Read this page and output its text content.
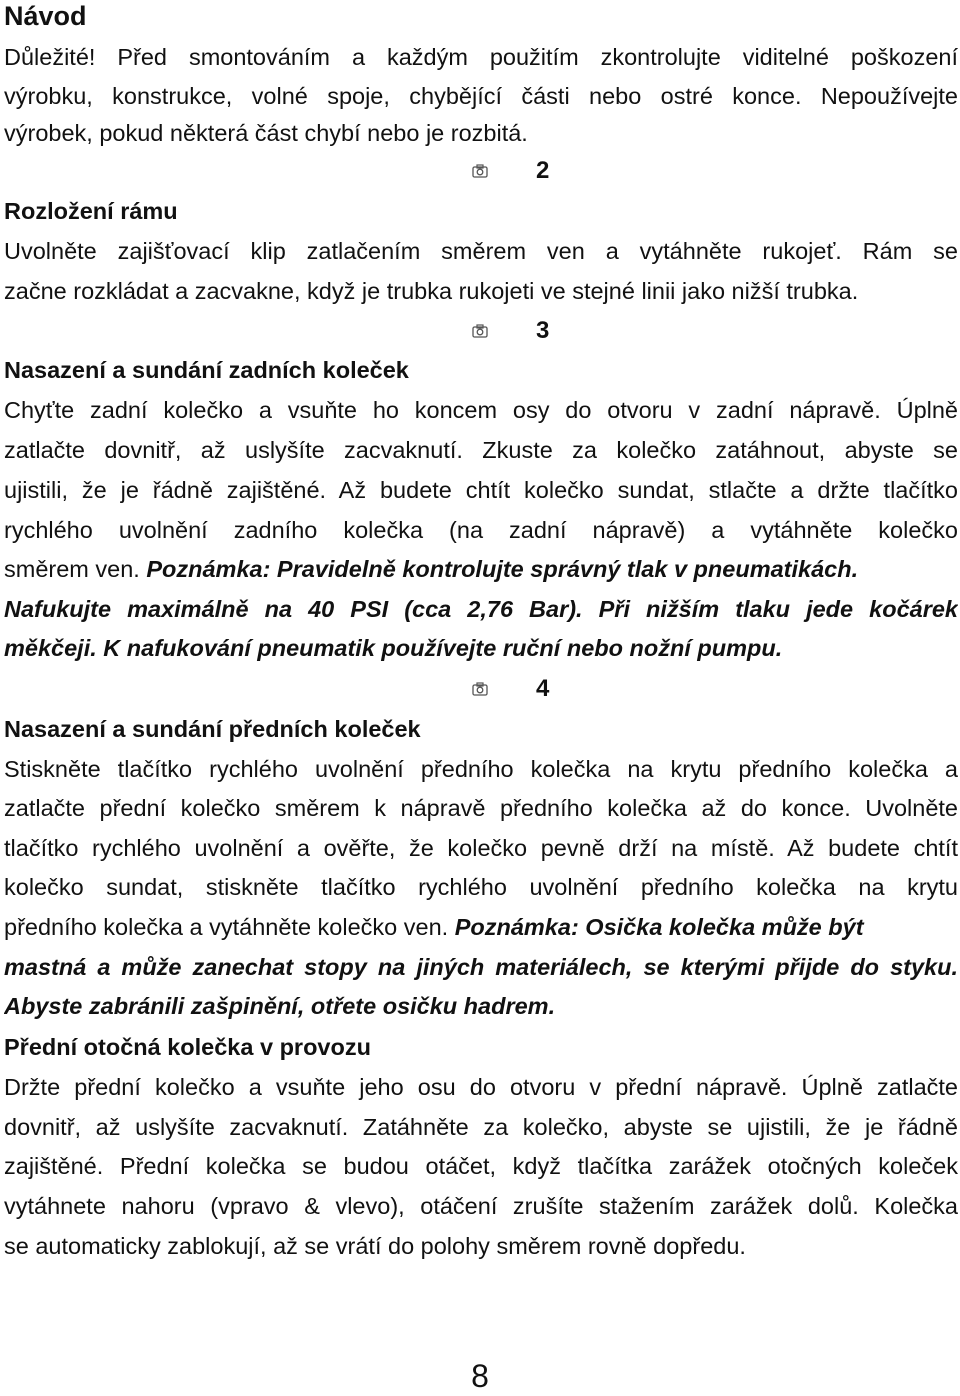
Návod
Důležité! Před smontováním a každým použitím zkontrolujte viditelné poškození
výrobku, konstrukce, volné spoje, chybějící části nebo ostré konce. Nepoužívejte
výrobek, pokud některá část chybí nebo je rozbitá.
2
Rozložení rámu
Uvolněte zajišťovací klip zatlačením směrem ven a vytáhněte rukojeť. Rám se
začne rozkládat a zacvakne, když je trubka rukojeti ve stejné linii jako nižší trubka.
3
Nasazení a sundání zadních koleček
Chyťte zadní kolečko a vsuňte ho koncem osy do otvoru v zadní nápravě. Úplně
zatlačte dovnitř, až uslyšíte zacvaknutí. Zkuste za kolečko zatáhnout, abyste se
ujistili, že je řádně zajištěné. Až budete chtít kolečko sundat, stlačte a držte tlačítko
rychlého uvolnění zadního kolečka (na zadní nápravě) a vytáhněte kolečko
směrem ven. Poznámka: Pravidelně kontrolujte správný tlak v pneumatikách.
Nafukujte maximálně na 40 PSI (cca 2,76 Bar). Při nižším tlaku jede kočárek
měkčeji. K nafukování pneumatik používejte ruční nebo nožní pumpu.
4
Nasazení a sundání předních koleček
Stiskněte tlačítko rychlého uvolnění předního kolečka na krytu předního kolečka a
zatlačte přední kolečko směrem k nápravě předního kolečka až do konce. Uvolněte
tlačítko rychlého uvolnění a ověřte, že kolečko pevně drží na místě. Až budete chtít
kolečko sundat, stiskněte tlačítko rychlého uvolnění předního kolečka na krytu
předního kolečka a vytáhněte kolečko ven. Poznámka: Osička kolečka může být
mastná a může zanechat stopy na jiných materiálech, se kterými přijde do styku.
Abyste zabránili zašpinění, otřete osičku hadrem.
Přední otočná kolečka v provozu
Držte přední kolečko a vsuňte jeho osu do otvoru v přední nápravě. Úplně zatlačte
dovnitř, až uslyšíte zacvaknutí. Zatáhněte za kolečko, abyste se ujistili, že je řádně
zajištěné. Přední kolečka se budou otáčet, když tlačítka zarážek otočných koleček
vytáhnete nahoru (vpravo & vlevo), otáčení zrušíte stažením zarážek dolů. Kolečka
se automaticky zablokují, až se vrátí do polohy směrem rovně dopředu.
8
